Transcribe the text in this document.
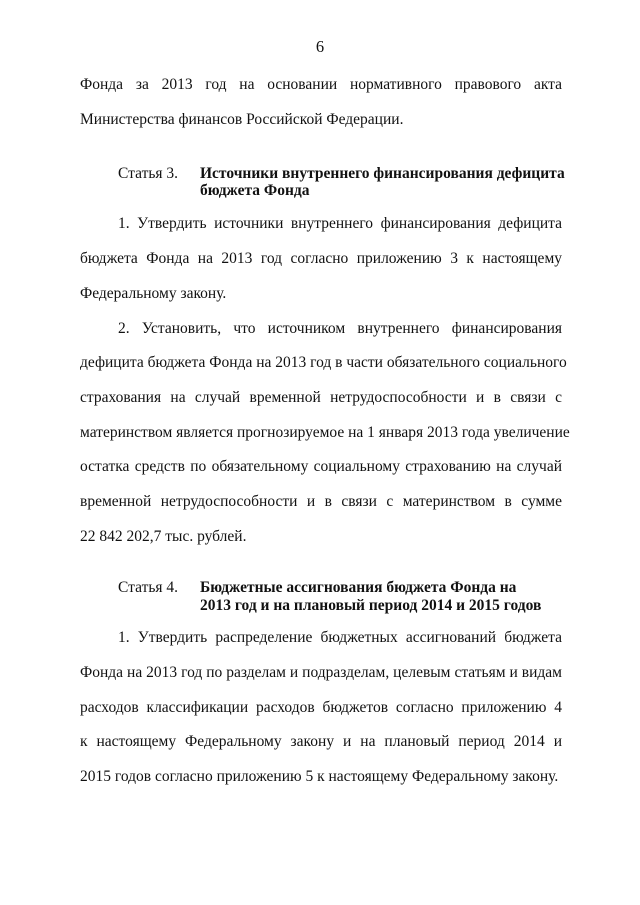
6
Фонда за 2013 год на основании нормативного правового акта
Министерства финансов Российской Федерации.
Статья 3. Источники внутреннего финансирования дефицита
бюджета Фонда
1. Утвердить источники внутреннего финансирования дефицита
бюджета Фонда на 2013 год согласно приложению 3 к настоящему
Федеральному закону.
2. Установить, что источником внутреннего финансирования
дефицита бюджета Фонда на 2013 год в части обязательного социального
страхования на случай временной нетрудоспособности и в связи с
материнством является прогнозируемое на 1 января 2013 года увеличение
остатка средств по обязательному социальному страхованию на случай
временной нетрудоспособности и в связи с материнством в сумме
22 842 202,7 тыс. рублей.
Статья 4. Бюджетные ассигнования бюджета Фонда на
2013 год и на плановый период 2014 и 2015 годов
1. Утвердить распределение бюджетных ассигнований бюджета
Фонда на 2013 год по разделам и подразделам, целевым статьям и видам
расходов классификации расходов бюджетов согласно приложению 4
к настоящему Федеральному закону и на плановый период 2014 и
2015 годов согласно приложению 5 к настоящему Федеральному закону.
